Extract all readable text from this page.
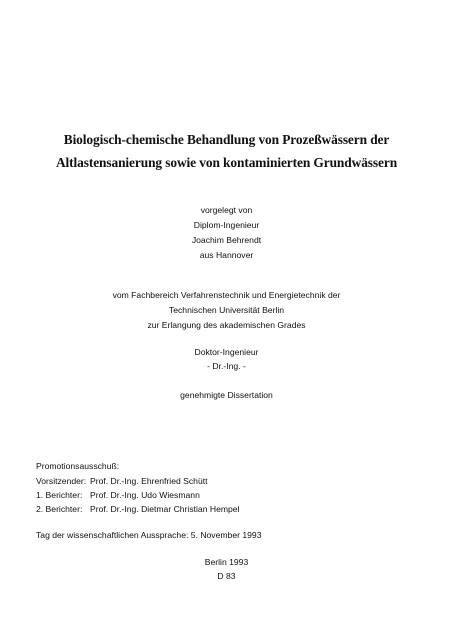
Biologisch-chemische Behandlung von Prozeßwässern der
Altlastensanierung sowie von kontaminierten Grundwässern
vorgelegt von
Diplom-Ingenieur
Joachim Behrendt
aus Hannover
vom Fachbereich Verfahrenstechnik und Energietechnik der
Technischen Universität Berlin
zur Erlangung des akademischen Grades
Doktor-Ingenieur
- Dr.-Ing. -
genehmigte Dissertation
Promotionsausschuß:
Vorsitzender: Prof. Dr.-Ing. Ehrenfried Schütt
1. Berichter: Prof. Dr.-Ing. Udo Wiesmann
2. Berichter: Prof. Dr.-Ing. Dietmar Christian Hempel
Tag der wissenschaftlichen Aussprache: 5. November 1993
Berlin 1993
D 83
